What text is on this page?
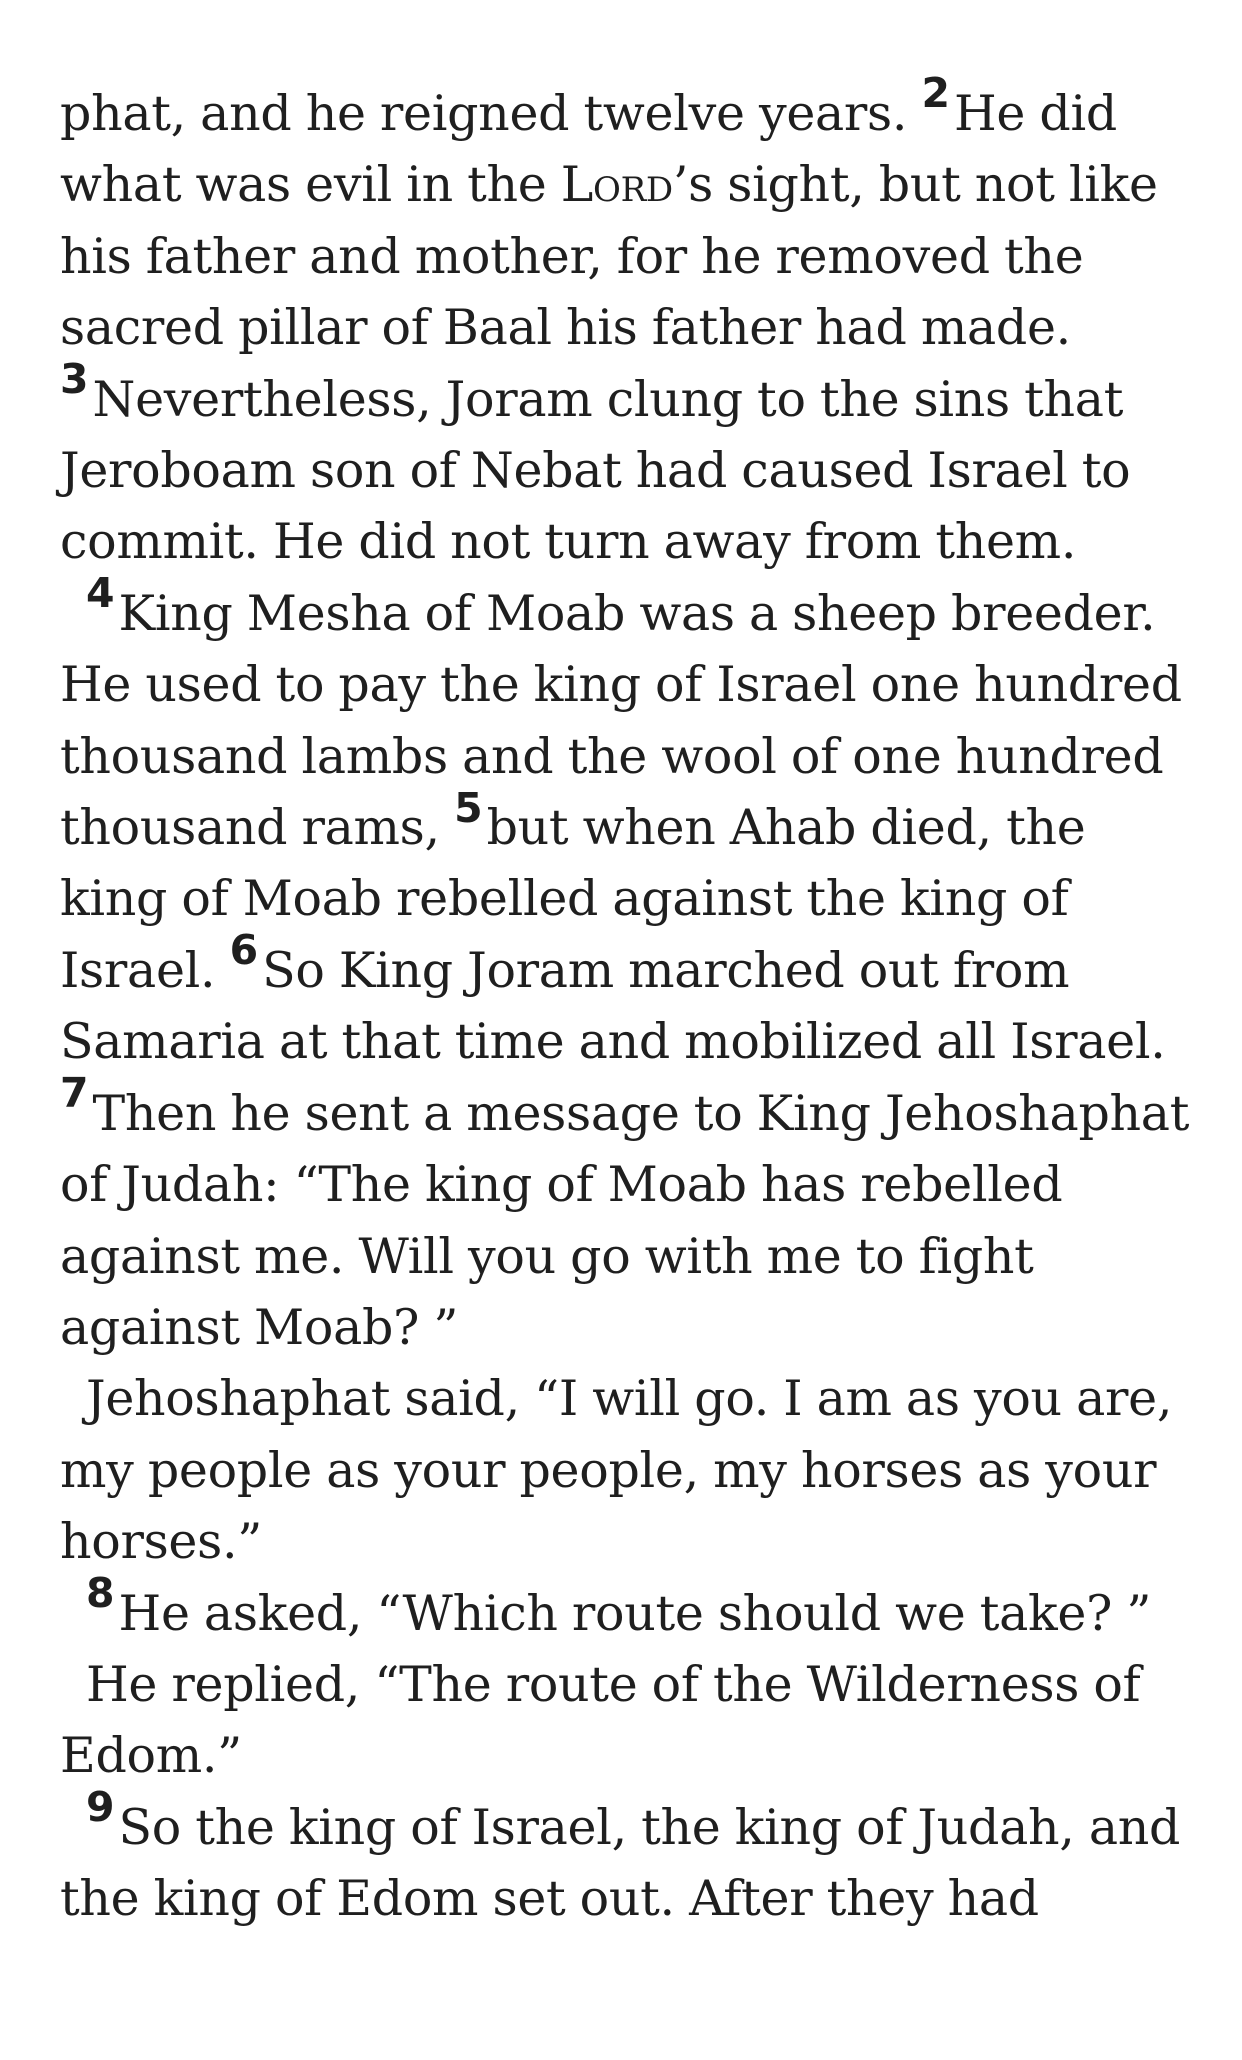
phat, and he reigned twelve years. $^2$He did what was evil in the Lord’s sight, but not like his father and mother, for he removed the sacred pillar of Baal his father had made. $^3$Nevertheless, Joram clung to the sins that Jeroboam son of Nebat had caused Israel to commit. He did not turn away from them.

$^4$King Mesha of Moab was a sheep breeder. He used to pay the king of Israel one hundred thousand lambs and the wool of one hundred thousand rams, $^5$but when Ahab died, the king of Moab rebelled against the king of Israel. $^6$So King Joram marched out from Samaria at that time and mobilized all Israel. $^7$Then he sent a message to King Jehoshaphat of Judah: “The king of Moab has rebelled against me. Will you go with me to fight against Moab? ”

Jehoshaphat said, “I will go. I am as you are, my people as your people, my horses as your horses.”

$^8$He asked, “Which route should we take? ”

He replied, “The route of the Wilderness of Edom.”

$^9$So the king of Israel, the king of Judah, and the king of Edom set out. After they had
